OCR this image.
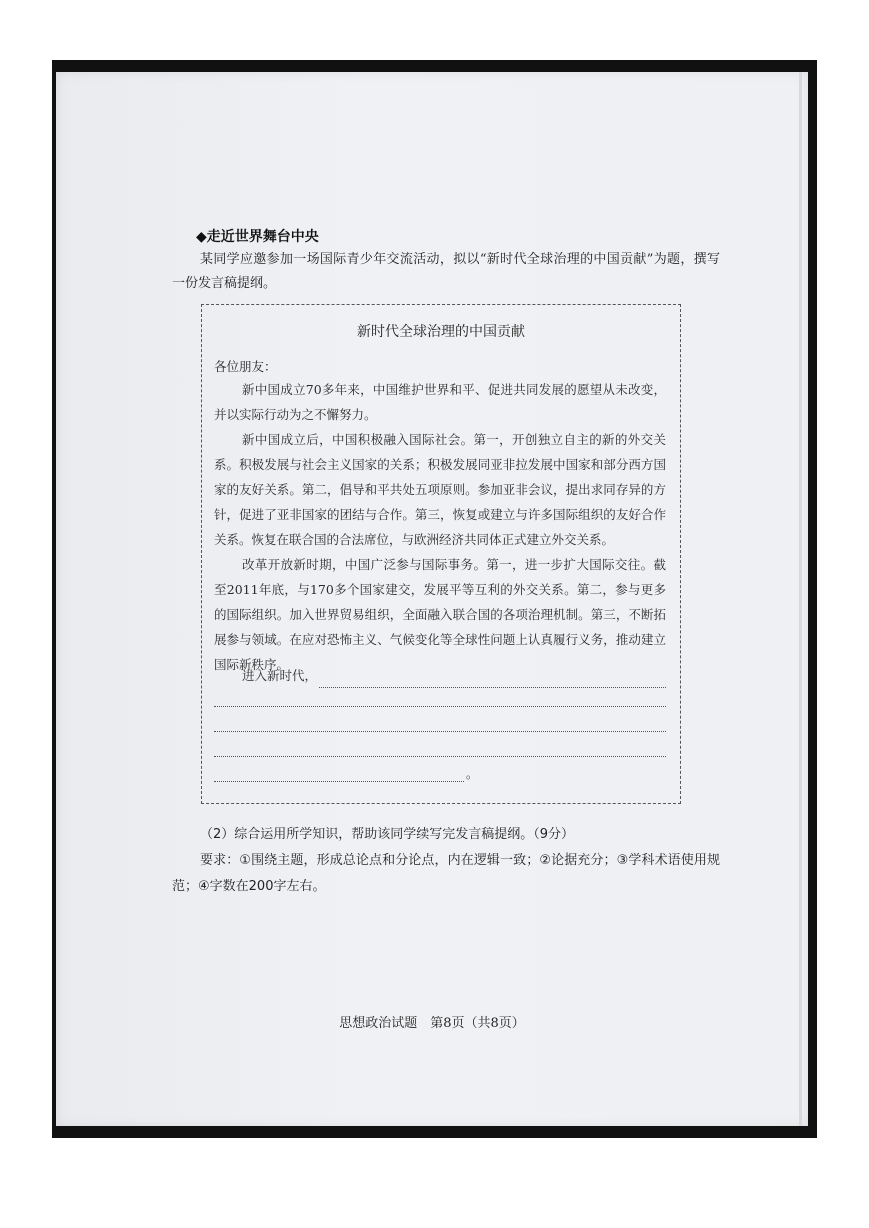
◆走近世界舞台中央
某同学应邀参加一场国际青少年交流活动，拟以“新时代全球治理的中国贡献”为题，撰写一份发言稿提纲。
新时代全球治理的中国贡献
各位朋友：

新中国成立70多年来，中国维护世界和平、促进共同发展的愿望从未改变，并以实际行动为之不懈努力。

新中国成立后，中国积极融入国际社会。第一，开创独立自主的新的外交关系。积极发展与社会主义国家的关系；积极发展同亚非拉发展中国家和部分西方国家的友好关系。第二，倡导和平共处五项原则。参加亚非会议，提出求同存异的方针，促进了亚非国家的团结与合作。第三，恢复或建立与许多国际组织的友好合作关系。恢复在联合国的合法席位，与欧洲经济共同体正式建立外交关系。

改革开放新时期，中国广泛参与国际事务。第一，进一步扩大国际交往。截至2011年底，与170多个国家建交，发展平等互利的外交关系。第二，参与更多的国际组织。加入世界贸易组织，全面融入联合国的各项治理机制。第三，不断拓展参与领域。在应对恐怖主义、气候变化等全球性问题上认真履行义务，推动建立国际新秩序。

进入新时代，
。

（2）综合运用所学知识，帮助该同学续写完发言稿提纲。（9分）

要求：①围绕主题，形成总论点和分论点，内在逻辑一致；②论据充分；③学科术语使用规范；④字数在200字左右。

思想政治试题　第8页（共8页）
